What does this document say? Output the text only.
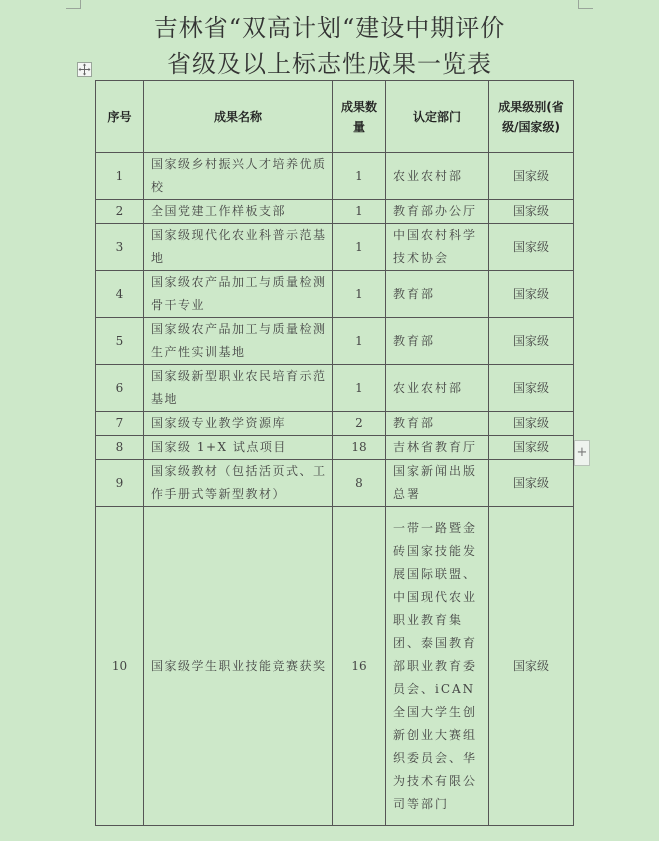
吉林省“双高计划“建设中期评价
省级及以上标志性成果一览表
序号	成果名称	成果数量	认定部门	成果级别(省级/国家级)
1	国家级乡村振兴人才培养优质校	1	农业农村部	国家级
2	全国党建工作样板支部	1	教育部办公厅	国家级
3	国家级现代化农业科普示范基地	1	中国农村科学技术协会	国家级
4	国家级农产品加工与质量检测骨干专业	1	教育部	国家级
5	国家级农产品加工与质量检测生产性实训基地	1	教育部	国家级
6	国家级新型职业农民培育示范基地	1	农业农村部	国家级
7	国家级专业教学资源库	2	教育部	国家级
8	国家级 1+X 试点项目	18	吉林省教育厅	国家级
9	国家级教材（包括活页式、工作手册式等新型教材）	8	国家新闻出版总署	国家级
10	国家级学生职业技能竞赛获奖	16	一带一路暨金砖国家技能发展国际联盟、中国现代农业职业教育集团、泰国教育部职业教育委员会、iCAN全国大学生创新创业大赛组织委员会、华为技术有限公司等部门	国家级
+
